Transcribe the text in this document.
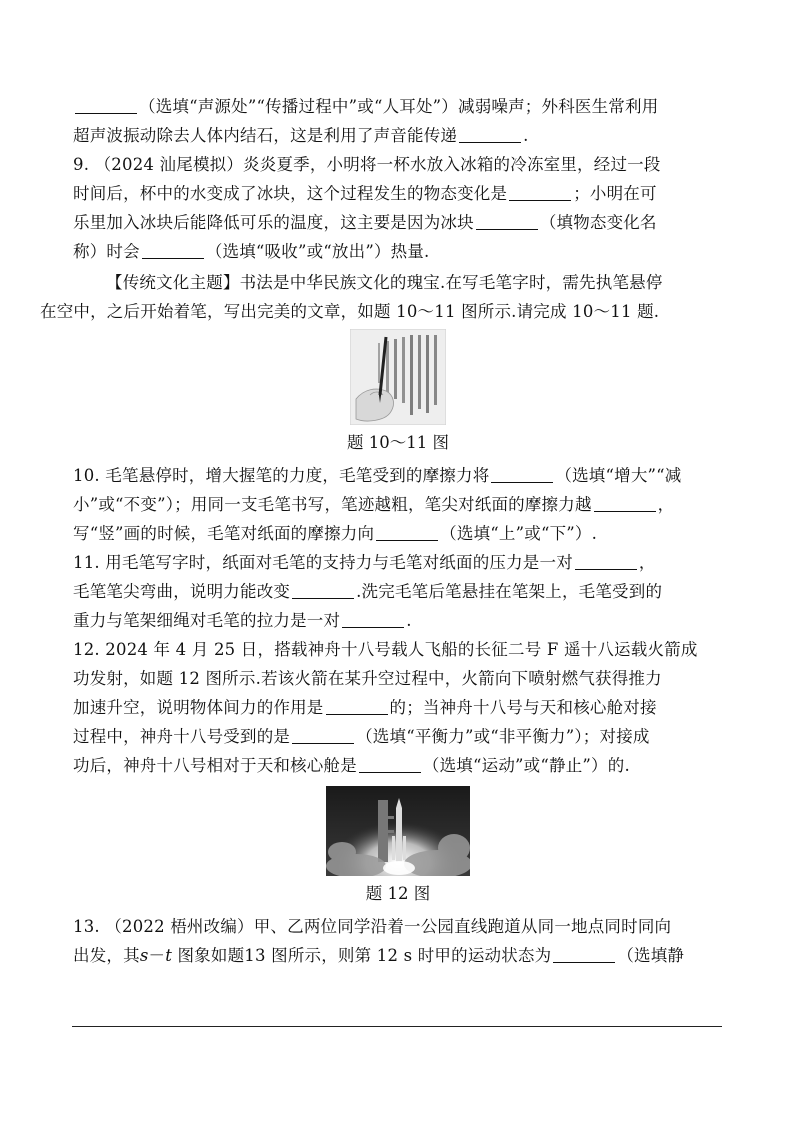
（选填“声源处”“传播过程中”或“人耳处”）减弱噪声；外科医生常利用
超声波振动除去人体内结石，这是利用了声音能传递	.

9. （2024 汕尾模拟）炎炎夏季，小明将一杯水放入冰箱的冷冻室里，经过一段
时间后，杯中的水变成了冰块，这个过程发生的物态变化是	；小明在可
乐里加入冰块后能降低可乐的温度，这主要是因为冰块	（填物态变化名
称）时会	（选填“吸收”或“放出”）热量.

【传统文化主题】书法是中华民族文化的瑰宝.在写毛笔字时，需先执笔悬停
在空中，之后开始着笔，写出完美的文章，如题 10～11 图所示.请完成 10～11 题.

题 10～11 图

10. 毛笔悬停时，增大握笔的力度，毛笔受到的摩擦力将	（选填“增大”“减
小”或“不变”）；用同一支毛笔书写，笔迹越粗，笔尖对纸面的摩擦力越	，
写“竖”画的时候，毛笔对纸面的摩擦力向	（选填“上”或“下”）.

11. 用毛笔写字时，纸面对毛笔的支持力与毛笔对纸面的压力是一对	，
毛笔笔尖弯曲，说明力能改变	.洗完毛笔后笔悬挂在笔架上，毛笔受到的
重力与笔架细绳对毛笔的拉力是一对	.

12. 2024 年 4 月 25 日，搭载神舟十八号载人飞船的长征二号 F 遥十八运载火箭成
功发射，如题 12 图所示.若该火箭在某升空过程中，火箭向下喷射燃气获得推力
加速升空，说明物体间力的作用是	的；当神舟十八号与天和核心舱对接
过程中，神舟十八号受到的是	（选填“平衡力”或“非平衡力”）；对接成
功后，神舟十八号相对于天和核心舱是	（选填“运动”或“静止”）的.

题 12 图

13. （2022 梧州改编）甲、乙两位同学沿着一公园直线跑道从同一地点同时同向
出发，其s－t 图象如题13 图所示，则第 12 s 时甲的运动状态为	（选填静
